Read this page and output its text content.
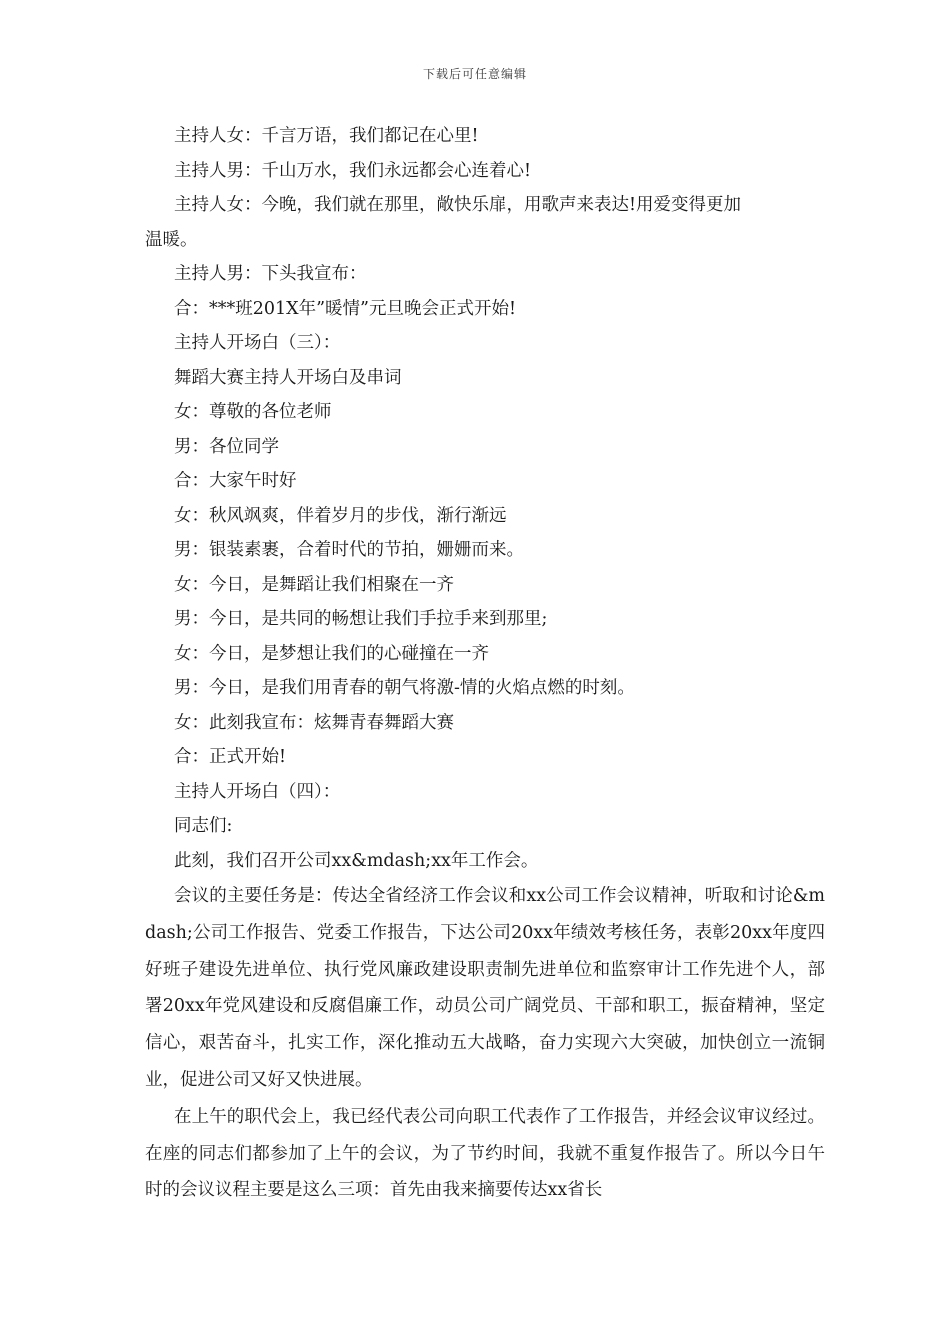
下载后可任意编辑
主持人女：千言万语，我们都记在心里!
主持人男：千山万水，我们永远都会心连着心!
主持人女：今晚，我们就在那里，敞快乐扉，用歌声来表达!用爱变得更加
温暖。
主持人男：下头我宣布：
合：***班201X年”暖情”元旦晚会正式开始!
主持人开场白（三）：
舞蹈大赛主持人开场白及串词
女：尊敬的各位老师
男：各位同学
合：大家午时好
女：秋风飒爽，伴着岁月的步伐，渐行渐远
男：银装素裹，合着时代的节拍，姗姗而来。
女：今日，是舞蹈让我们相聚在一齐
男：今日，是共同的畅想让我们手拉手来到那里;
女：今日，是梦想让我们的心碰撞在一齐
男：今日，是我们用青春的朝气将激-情的火焰点燃的时刻。
女：此刻我宣布：炫舞青春舞蹈大赛
合：正式开始!
主持人开场白（四）：
同志们:
此刻，我们召开公司xx&mdash;xx年工作会。
会议的主要任务是：传达全省经济工作会议和xx公司工作会议精神，听取和讨论&mdash;公司工作报告、党委工作报告，下达公司20xx年绩效考核任务，表彰20xx年度四好班子建设先进单位、执行党风廉政建设职责制先进单位和监察审计工作先进个人，部署20xx年党风建设和反腐倡廉工作，动员公司广阔党员、干部和职工，振奋精神，坚定信心，艰苦奋斗，扎实工作，深化推动五大战略，奋力实现六大突破，加快创立一流铜业，促进公司又好又快进展。
在上午的职代会上，我已经代表公司向职工代表作了工作报告，并经会议审议经过。在座的同志们都参加了上午的会议，为了节约时间，我就不重复作报告了。所以今日午时的会议议程主要是这么三项：首先由我来摘要传达xx省长
